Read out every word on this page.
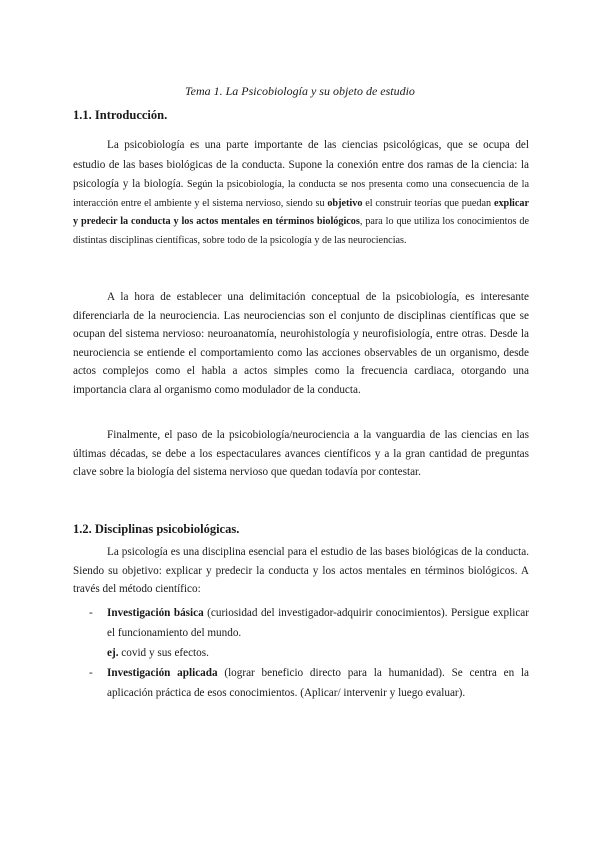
Tema 1. La Psicobiología y su objeto de estudio
1.1. Introducción.

La psicobiología es una parte importante de las ciencias psicológicas, que se ocupa del estudio de las bases biológicas de la conducta. Supone la conexión entre dos ramas de la ciencia: la psicología y la biología. Según la psicobiología, la conducta se nos presenta como una consecuencia de la interacción entre el ambiente y el sistema nervioso, siendo su objetivo el construir teorías que puedan explicar y predecir la conducta y los actos mentales en términos biológicos, para lo que utiliza los conocimientos de distintas disciplinas científicas, sobre todo de la psicología y de las neurociencias.

A la hora de establecer una delimitación conceptual de la psicobiología, es interesante diferenciarla de la neurociencia. Las neurociencias son el conjunto de disciplinas científicas que se ocupan del sistema nervioso: neuroanatomía, neurohistología y neurofisiología, entre otras. Desde la neurociencia se entiende el comportamiento como las acciones observables de un organismo, desde actos complejos como el habla a actos simples como la frecuencia cardiaca, otorgando una importancia clara al organismo como modulador de la conducta.

Finalmente, el paso de la psicobiología/neurociencia a la vanguardia de las ciencias en las últimas décadas, se debe a los espectaculares avances científicos y a la gran cantidad de preguntas clave sobre la biología del sistema nervioso que quedan todavía por contestar.

1.2. Disciplinas psicobiológicas.

La psicología es una disciplina esencial para el estudio de las bases biológicas de la conducta. Siendo su objetivo: explicar y predecir la conducta y los actos mentales en términos biológicos. A través del método científico:

- Investigación básica (curiosidad del investigador-adquirir conocimientos). Persigue explicar el funcionamiento del mundo.
ej. covid y sus efectos.
- Investigación aplicada (lograr beneficio directo para la humanidad). Se centra en la aplicación práctica de esos conocimientos. (Aplicar/ intervenir y luego evaluar).
